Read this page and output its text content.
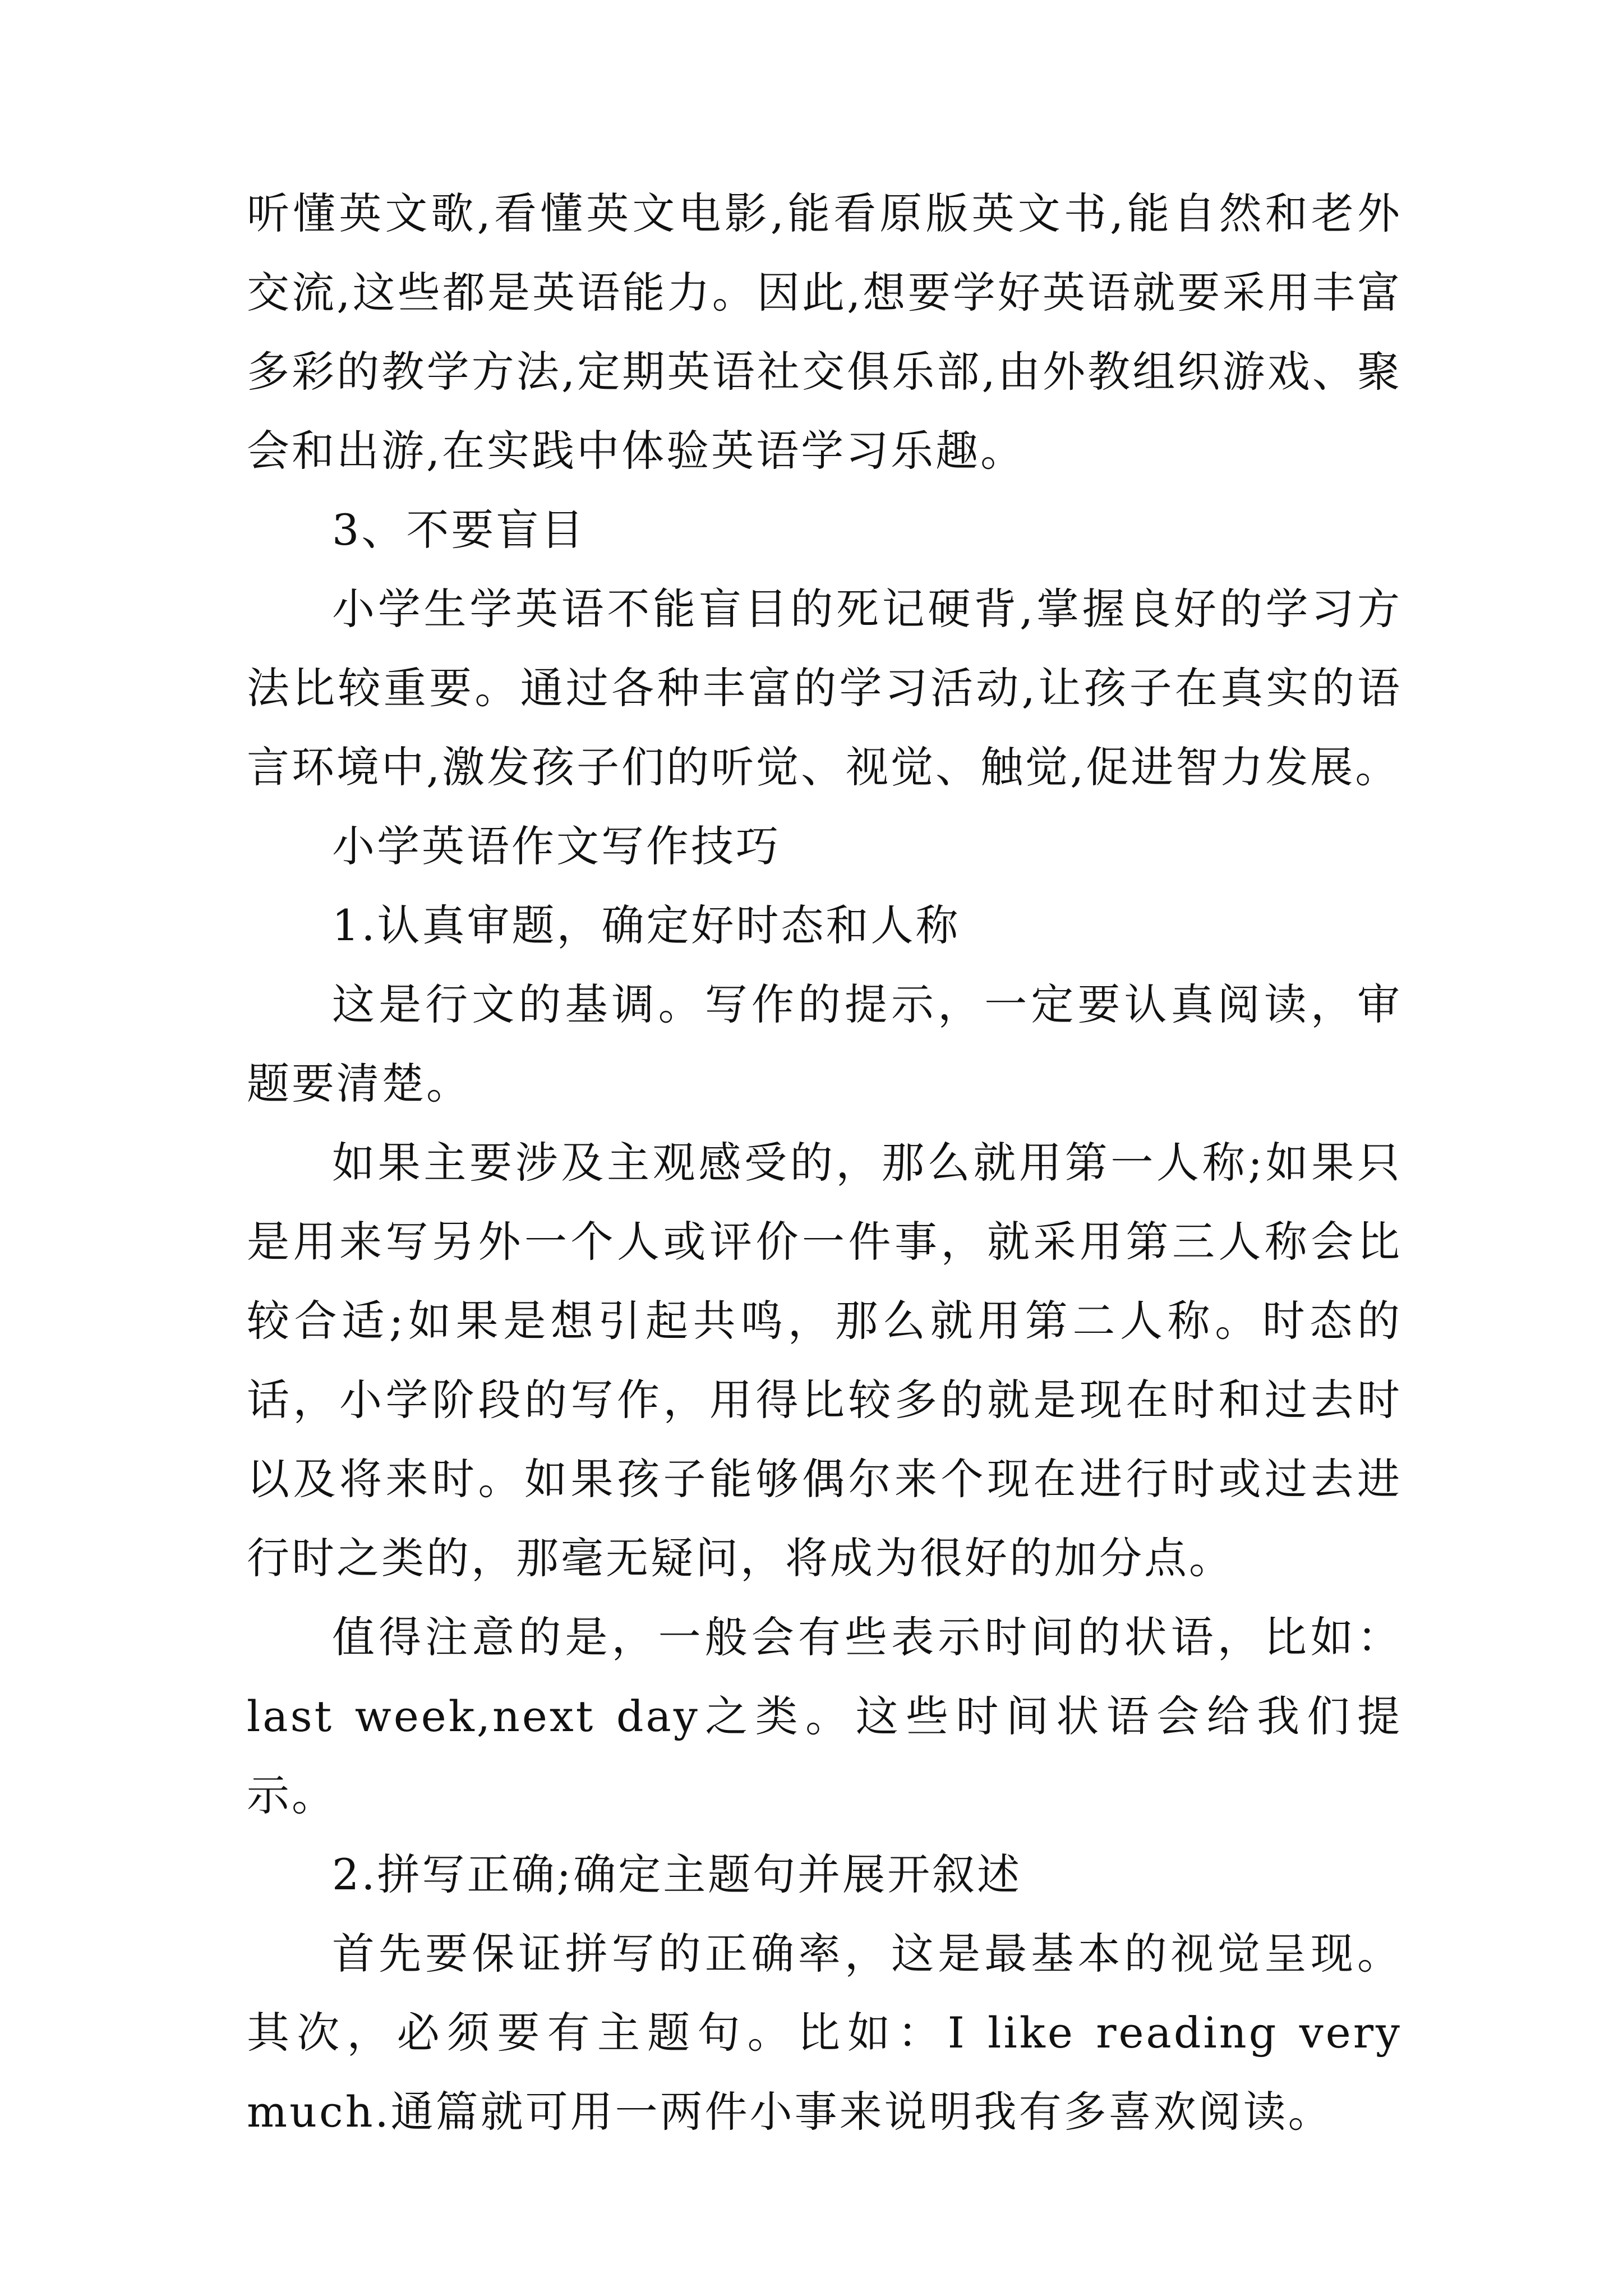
听懂英文歌,看懂英文电影,能看原版英文书,能自然和老外交流,这些都是英语能力。因此,想要学好英语就要采用丰富多彩的教学方法,定期英语社交俱乐部,由外教组织游戏、聚会和出游,在实践中体验英语学习乐趣。

3、不要盲目

小学生学英语不能盲目的死记硬背,掌握良好的学习方法比较重要。通过各种丰富的学习活动,让孩子在真实的语言环境中,激发孩子们的听觉、视觉、触觉,促进智力发展。

小学英语作文写作技巧

1.认真审题，确定好时态和人称

这是行文的基调。写作的提示，一定要认真阅读，审题要清楚。

如果主要涉及主观感受的，那么就用第一人称;如果只是用来写另外一个人或评价一件事，就采用第三人称会比较合适;如果是想引起共鸣，那么就用第二人称。时态的话，小学阶段的写作，用得比较多的就是现在时和过去时以及将来时。如果孩子能够偶尔来个现在进行时或过去进行时之类的，那毫无疑问，将成为很好的加分点。

值得注意的是，一般会有些表示时间的状语，比如：last week,next day之类。这些时间状语会给我们提示。

2.拼写正确;确定主题句并展开叙述

首先要保证拼写的正确率，这是最基本的视觉呈现。其次，必须要有主题句。比如：I like reading very much.通篇就可用一两件小事来说明我有多喜欢阅读。
